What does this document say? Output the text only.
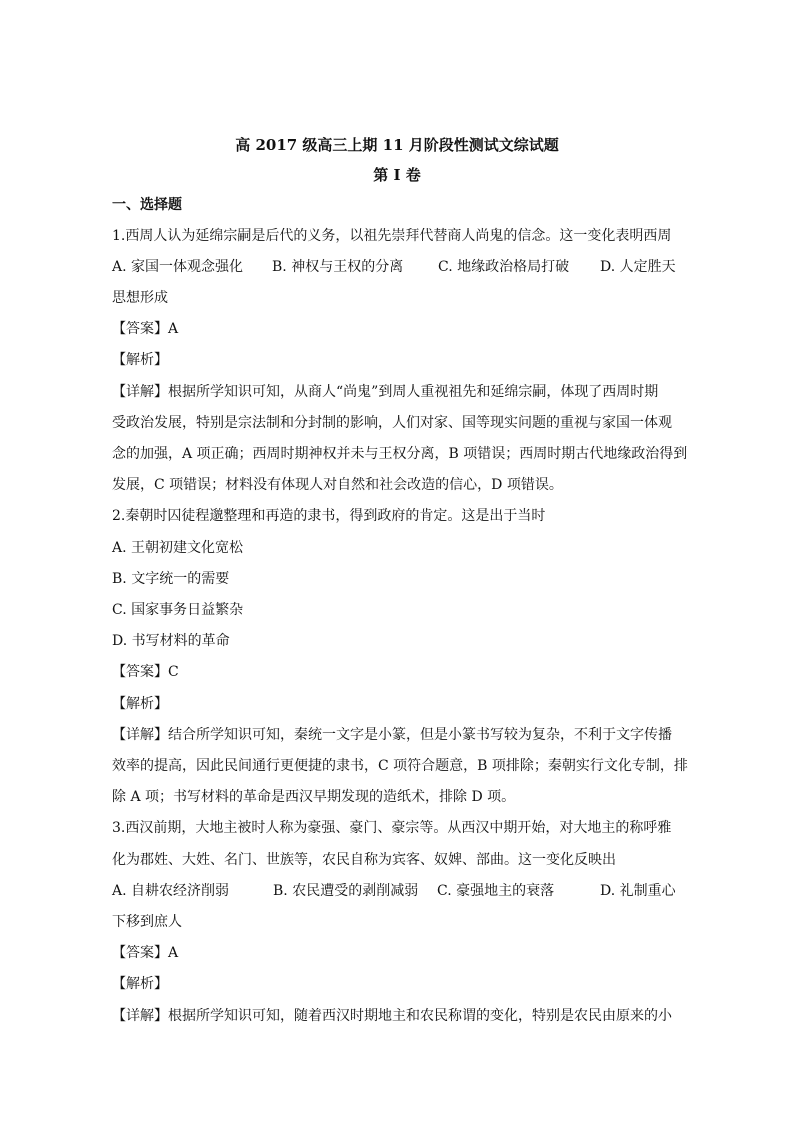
高 2017 级高三上期 11 月阶段性测试文综试题
第 I 卷
一、选择题
1.西周人认为延绵宗嗣是后代的义务，以祖先崇拜代替商人尚鬼的信念。这一变化表明西周
A. 家国一体观念强化 B. 神权与王权的分离 C. 地缘政治格局打破 D. 人定胜天
思想形成
【答案】A
【解析】
【详解】根据所学知识可知，从商人“尚鬼”到周人重视祖先和延绵宗嗣，体现了西周时期
受政治发展，特别是宗法制和分封制的影响，人们对家、国等现实问题的重视与家国一体观
念的加强，A 项正确；西周时期神权并未与王权分离，B 项错误；西周时期古代地缘政治得到
发展，C 项错误；材料没有体现人对自然和社会改造的信心，D 项错误。
2.秦朝时囚徒程邈整理和再造的隶书，得到政府的肯定。这是出于当时
A. 王朝初建文化宽松
B. 文字统一的需要
C. 国家事务日益繁杂
D. 书写材料的革命
【答案】C
【解析】
【详解】结合所学知识可知，秦统一文字是小篆，但是小篆书写较为复杂，不利于文字传播
效率的提高，因此民间通行更便捷的隶书，C 项符合题意，B 项排除；秦朝实行文化专制，排
除 A 项；书写材料的革命是西汉早期发现的造纸术，排除 D 项。
3.西汉前期，大地主被时人称为豪强、豪门、豪宗等。从西汉中期开始，对大地主的称呼雅
化为郡姓、大姓、名门、世族等，农民自称为宾客、奴婢、部曲。这一变化反映出
A. 自耕农经济削弱	B. 农民遭受的剥削减弱 C. 豪强地主的衰落	D. 礼制重心
下移到庶人
【答案】A
【解析】
【详解】根据所学知识可知，随着西汉时期地主和农民称谓的变化，特别是农民由原来的小
